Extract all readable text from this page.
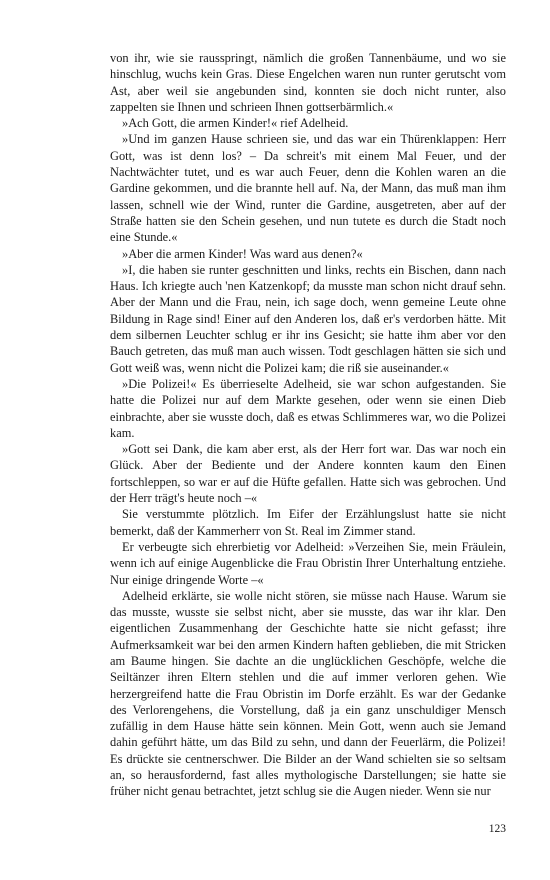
von ihr, wie sie rausspringt, nämlich die großen Tannenbäume, und wo sie hinschlug, wuchs kein Gras. Diese Engelchen waren nun runter gerutscht vom Ast, aber weil sie angebunden sind, konnten sie doch nicht runter, also zappelten sie Ihnen und schrieen Ihnen gottserbärmlich.«

»Ach Gott, die armen Kinder!« rief Adelheid.

»Und im ganzen Hause schrieen sie, und das war ein Thürenklappen: Herr Gott, was ist denn los? – Da schreit's mit einem Mal Feuer, und der Nachtwächter tutet, und es war auch Feuer, denn die Kohlen waren an die Gardine gekommen, und die brannte hell auf. Na, der Mann, das muß man ihm lassen, schnell wie der Wind, runter die Gardine, ausgetreten, aber auf der Straße hatten sie den Schein gesehen, und nun tutete es durch die Stadt noch eine Stunde.«

»Aber die armen Kinder! Was ward aus denen?«

»I, die haben sie runter geschnitten und links, rechts ein Bischen, dann nach Haus. Ich kriegte auch 'nen Katzenkopf; da musste man schon nicht drauf sehn. Aber der Mann und die Frau, nein, ich sage doch, wenn gemeine Leute ohne Bildung in Rage sind! Einer auf den Anderen los, daß er's verdorben hätte. Mit dem silbernen Leuchter schlug er ihr ins Gesicht; sie hatte ihm aber vor den Bauch getreten, das muß man auch wissen. Todt geschlagen hätten sie sich und Gott weiß was, wenn nicht die Polizei kam; die riß sie auseinander.«

»Die Polizei!« Es überrieselte Adelheid, sie war schon aufgestanden. Sie hatte die Polizei nur auf dem Markte gesehen, oder wenn sie einen Dieb einbrachte, aber sie wusste doch, daß es etwas Schlimmeres war, wo die Polizei kam.

»Gott sei Dank, die kam aber erst, als der Herr fort war. Das war noch ein Glück. Aber der Bediente und der Andere konnten kaum den Einen fortschleppen, so war er auf die Hüfte gefallen. Hatte sich was gebrochen. Und der Herr trägt's heute noch –«

Sie verstummte plötzlich. Im Eifer der Erzählungslust hatte sie nicht bemerkt, daß der Kammerherr von St. Real im Zimmer stand.

Er verbeugte sich ehrerbietig vor Adelheid: »Verzeihen Sie, mein Fräulein, wenn ich auf einige Augenblicke die Frau Obristin Ihrer Unterhaltung entziehe. Nur einige dringende Worte –«

Adelheid erklärte, sie wolle nicht stören, sie müsse nach Hause. Warum sie das musste, wusste sie selbst nicht, aber sie musste, das war ihr klar. Den eigentlichen Zusammenhang der Geschichte hatte sie nicht gefasst; ihre Aufmerksamkeit war bei den armen Kindern haften geblieben, die mit Stricken am Baume hingen. Sie dachte an die unglücklichen Geschöpfe, welche die Seiltänzer ihren Eltern stehlen und die auf immer verloren gehen. Wie herzergreifend hatte die Frau Obristin im Dorfe erzählt. Es war der Gedanke des Verlorengehens, die Vorstellung, daß ja ein ganz unschuldiger Mensch zufällig in dem Hause hätte sein können. Mein Gott, wenn auch sie Jemand dahin geführt hätte, um das Bild zu sehn, und dann der Feuerlärm, die Polizei! Es drückte sie centnerschwer. Die Bilder an der Wand schielten sie so seltsam an, so herausfordernd, fast alles mythologische Darstellungen; sie hatte sie früher nicht genau betrachtet, jetzt schlug sie die Augen nieder. Wenn sie nur

123
